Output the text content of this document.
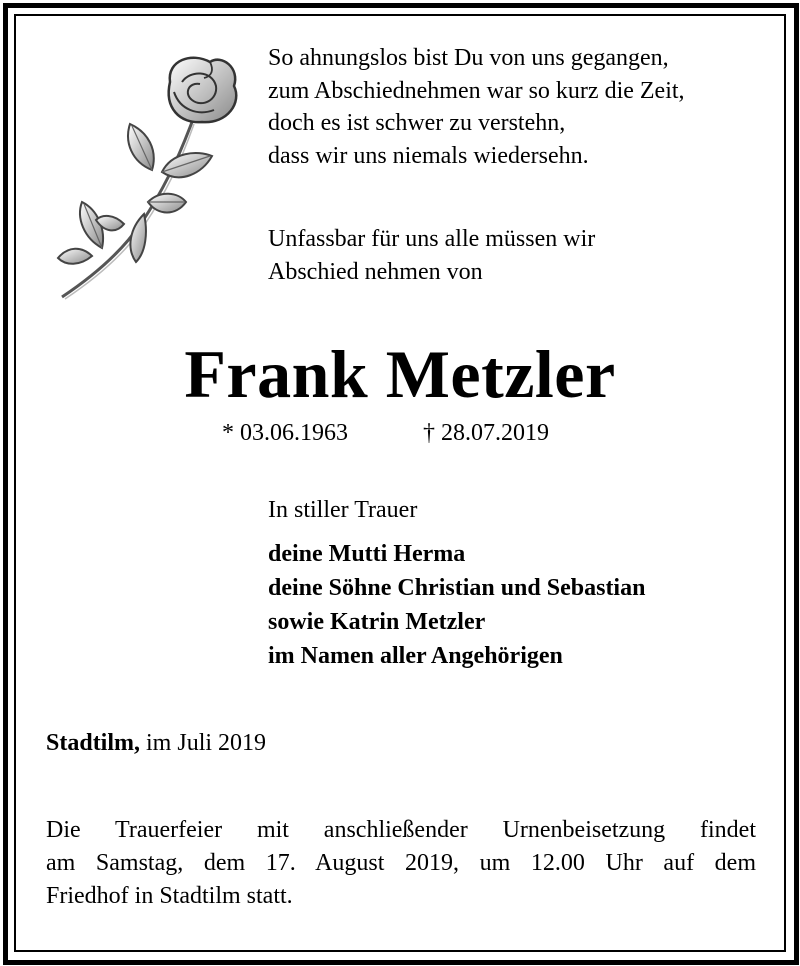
So ahnungslos bist Du von uns gegangen,
zum Abschiednehmen war so kurz die Zeit,
doch es ist schwer zu verstehn,
dass wir uns niemals wiedersehn.
Unfassbar für uns alle müssen wir
Abschied nehmen von
Frank Metzler

* 03.06.1963	† 28.07.2019

In stiller Trauer
deine Mutti Herma
deine Söhne Christian und Sebastian
sowie Katrin Metzler
im Namen aller Angehörigen
Stadtilm, im Juli 2019
Die Trauerfeier mit anschließender Urnenbeisetzung findet
am Samstag, dem 17. August 2019, um 12.00 Uhr auf dem
Friedhof in Stadtilm statt.
